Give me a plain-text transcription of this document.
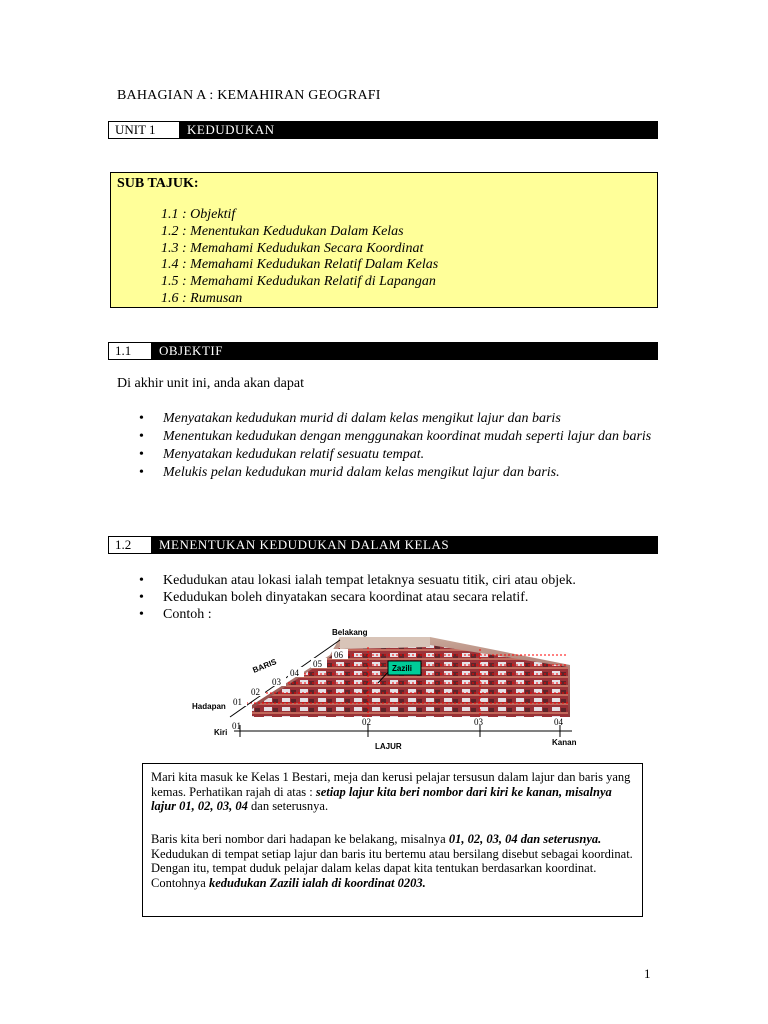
BAHAGIAN A : KEMAHIRAN GEOGRAFI
UNIT 1	KEDUDUKAN
SUB TAJUK:
1.1 : Objektif
1.2 : Menentukan Kedudukan Dalam Kelas
1.3 : Memahami Kedudukan Secara Koordinat
1.4 : Memahami Kedudukan Relatif Dalam Kelas
1.5 : Memahami Kedudukan Relatif di Lapangan
1.6 : Rumusan
1.1	OBJEKTIF
Di akhir unit ini, anda akan dapat
• Menyatakan kedudukan murid di dalam kelas mengikut lajur dan baris
• Menentukan kedudukan dengan menggunakan koordinat mudah seperti lajur dan baris
• Menyatakan kedudukan relatif sesuatu tempat.
• Melukis pelan kedudukan murid dalam kelas mengikut lajur dan baris.
1.2	MENENTUKAN KEDUDUKAN DALAM KELAS
• Kedudukan atau lokasi ialah tempat letaknya sesuatu titik, ciri atau objek.
• Kedudukan boleh dinyatakan secara koordinat atau secara relatif.
• Contoh :
01
02
03
04
05
06
01	02	03	04
Zazili
Belakang
BARIS
Hadapan
Kiri
Kanan
LAJUR

Mari kita masuk ke Kelas 1 Bestari, meja dan kerusi pelajar tersusun dalam lajur dan baris yang kemas. Perhatikan rajah di atas : setiap lajur kita beri nombor dari kiri ke kanan, misalnya lajur 01, 02, 03, 04 dan seterusnya.

Baris kita beri nombor dari hadapan ke belakang, misalnya 01, 02, 03, 04 dan seterusnya. Kedudukan di tempat setiap lajur dan baris itu bertemu atau bersilang disebut sebagai koordinat. Dengan itu, tempat duduk pelajar dalam kelas dapat kita tentukan berdasarkan koordinat. Contohnya kedudukan Zazili ialah di koordinat 0203.

1
